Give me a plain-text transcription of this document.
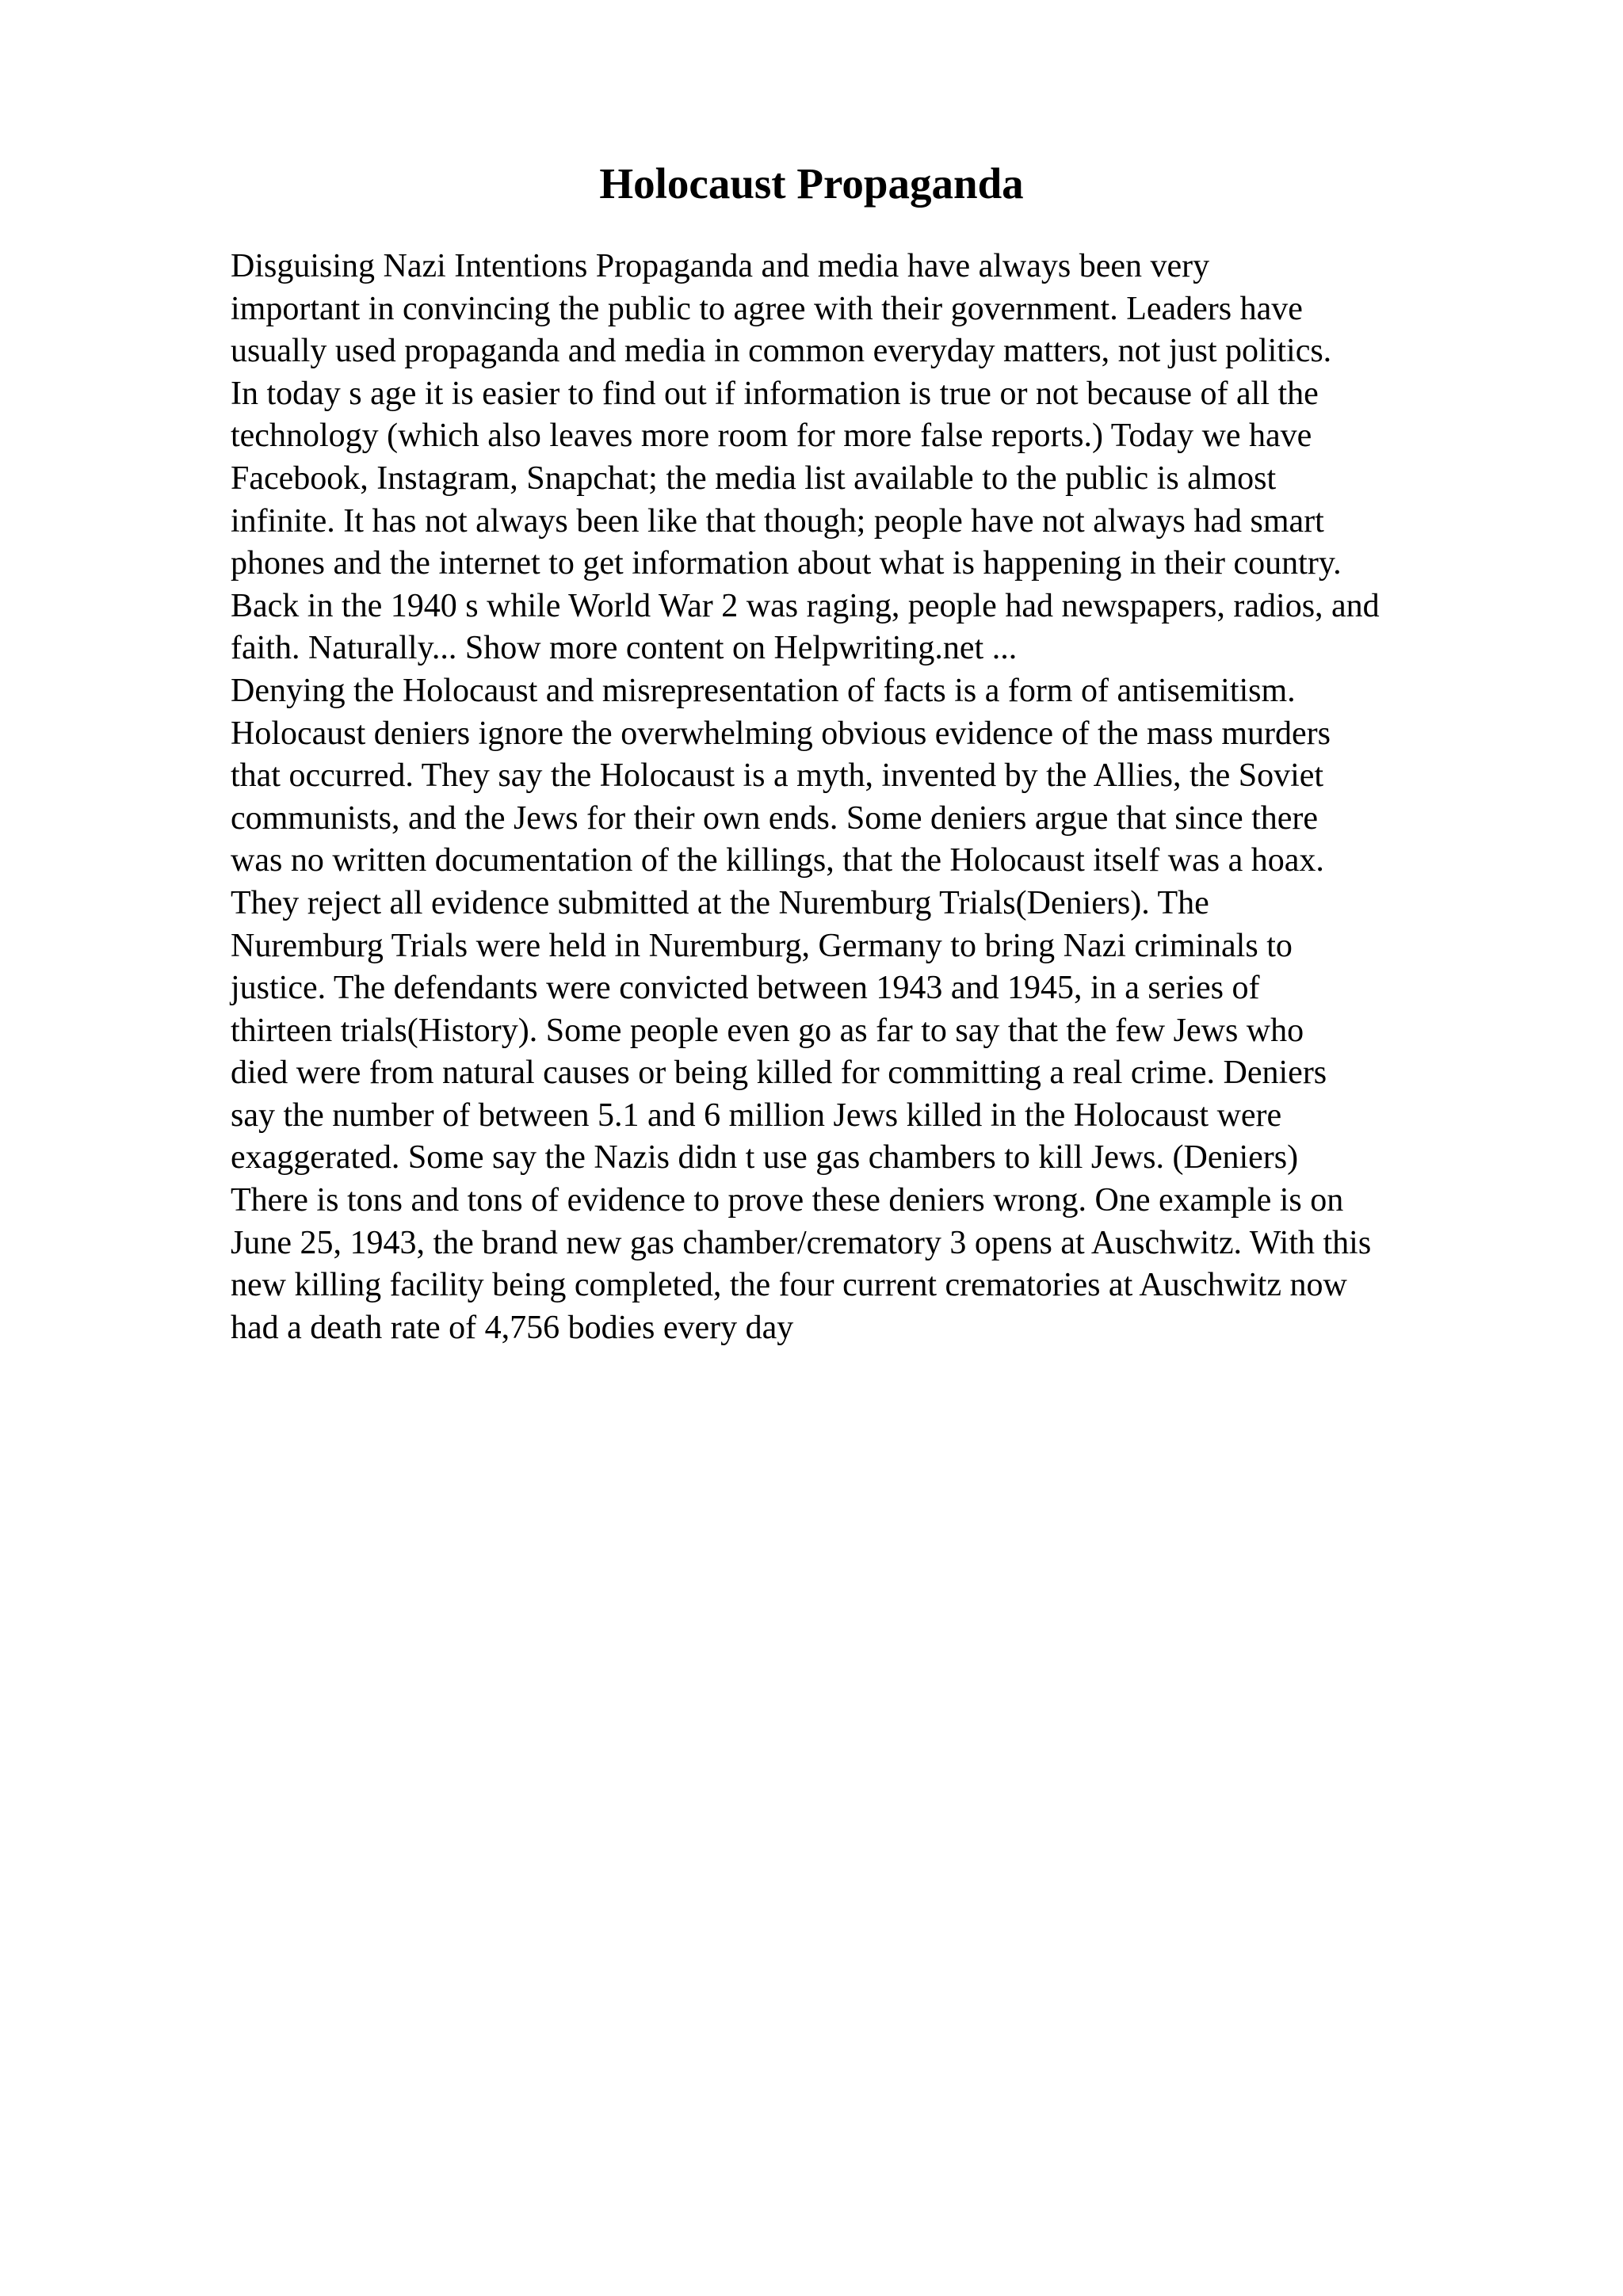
Holocaust Propaganda
Disguising Nazi Intentions Propaganda and media have always been very
important in convincing the public to agree with their government. Leaders have
usually used propaganda and media in common everyday matters, not just politics.
In today s age it is easier to find out if information is true or not because of all the
technology (which also leaves more room for more false reports.) Today we have
Facebook, Instagram, Snapchat; the media list available to the public is almost
infinite. It has not always been like that though; people have not always had smart
phones and the internet to get information about what is happening in their country.
Back in the 1940 s while World War 2 was raging, people had newspapers, radios, and
faith. Naturally... Show more content on Helpwriting.net ...
Denying the Holocaust and misrepresentation of facts is a form of antisemitism.
Holocaust deniers ignore the overwhelming obvious evidence of the mass murders
that occurred. They say the Holocaust is a myth, invented by the Allies, the Soviet
communists, and the Jews for their own ends. Some deniers argue that since there
was no written documentation of the killings, that the Holocaust itself was a hoax.
They reject all evidence submitted at the Nuremburg Trials(Deniers). The
Nuremburg Trials were held in Nuremburg, Germany to bring Nazi criminals to
justice. The defendants were convicted between 1943 and 1945, in a series of
thirteen trials(History). Some people even go as far to say that the few Jews who
died were from natural causes or being killed for committing a real crime. Deniers
say the number of between 5.1 and 6 million Jews killed in the Holocaust were
exaggerated. Some say the Nazis didn t use gas chambers to kill Jews. (Deniers)
There is tons and tons of evidence to prove these deniers wrong. One example is on
June 25, 1943, the brand new gas chamber/crematory 3 opens at Auschwitz. With this
new killing facility being completed, the four current crematories at Auschwitz now
had a death rate of 4,756 bodies every day
